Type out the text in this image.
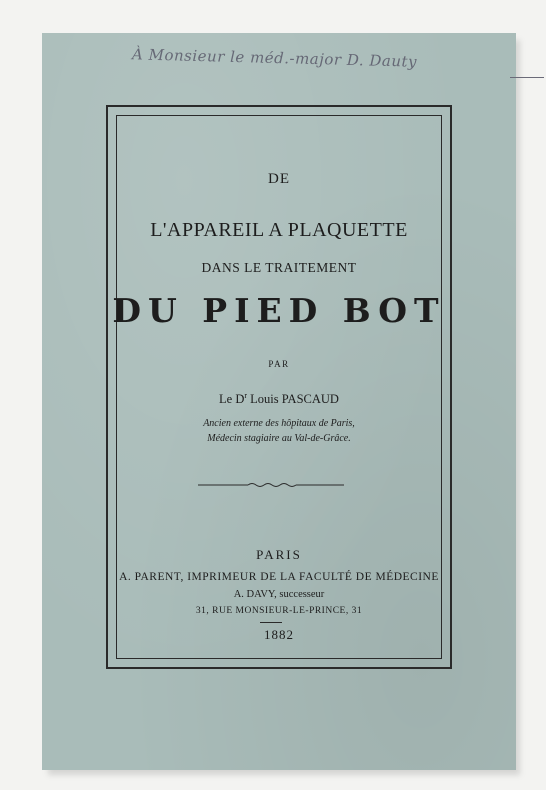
À Monsieur le méd.-major D. Dauty
DE
L'APPAREIL A PLAQUETTE
DANS LE TRAITEMENT
DU PIED BOT
PAR
Le $D^r$ Louis PASCAUD
Ancien externe des hôpitaux de Paris,
Médecin stagiaire au Val-de-Grâce.
PARIS
A. PARENT, IMPRIMEUR DE LA FACULTÉ DE MÉDECINE
A. DAVY, successeur
31, RUE MONSIEUR-LE-PRINCE, 31
1882
